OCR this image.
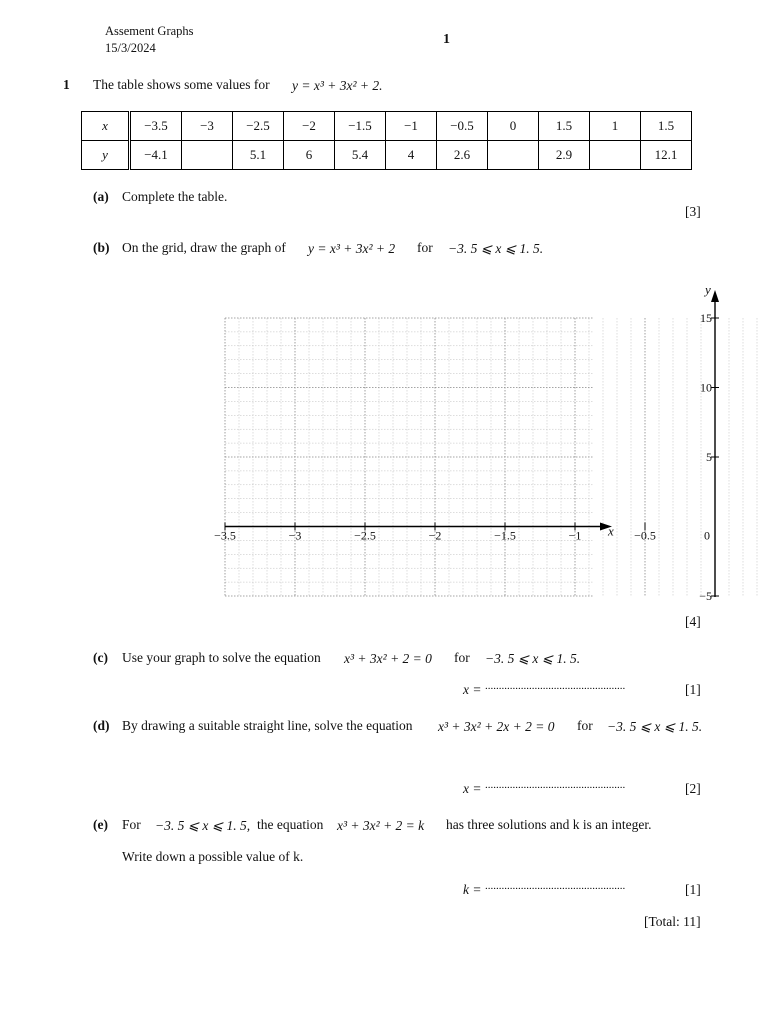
Assement Graphs
15/3/2024
1
1 The table shows some values for y = x³ + 3x² + 2.
x	−3.5	−3	−2.5	−2	−1.5	−1	−0.5	0	1.5	1	1.5
y	−4.1		5.1	6	5.4	4	2.6		2.9		12.1
(a) Complete the table.
[3]
(b) On the grid, draw the graph of y = x³ + 3x² + 2 for −3. 5 ⩽ x ⩽ 1. 5.
−3.5	−3	−2.5	−2	−1.5	−1	−0.5	0
15
10
5
−5
x
y
[4]
(c) Use your graph to solve the equation x³ + 3x² + 2 = 0 for −3. 5 ⩽ x ⩽ 1. 5.
x = ...................................................	[1]
(d) By drawing a suitable straight line, solve the equation x³ + 3x² + 2x + 2 = 0 for −3. 5 ⩽ x ⩽ 1. 5.
x = ...................................................	[2]
(e) For −3. 5 ⩽ x ⩽ 1. 5, the equation x³ + 3x² + 2 = k has three solutions and k is an integer.
Write down a possible value of k.
k = ...................................................	[1]
[Total: 11]
